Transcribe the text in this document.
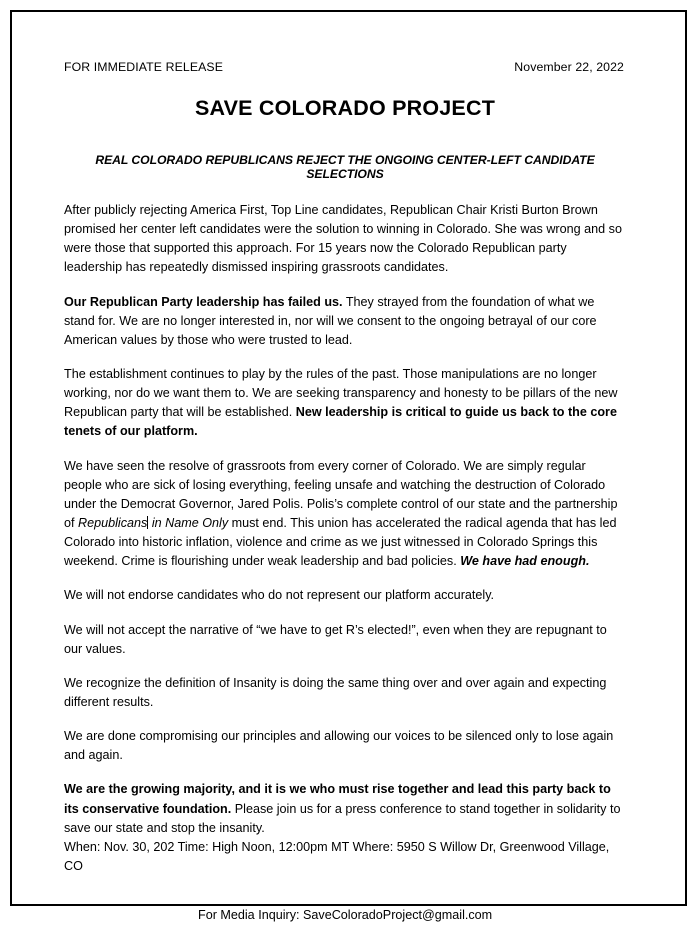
FOR IMMEDIATE RELEASE	November 22, 2022
SAVE COLORADO PROJECT
REAL COLORADO REPUBLICANS REJECT THE ONGOING CENTER-LEFT CANDIDATE SELECTIONS

After publicly rejecting America First, Top Line candidates, Republican Chair Kristi Burton Brown promised her center left candidates were the solution to winning in Colorado. She was wrong and so were those that supported this approach. For 15 years now the Colorado Republican party leadership has repeatedly dismissed inspiring grassroots candidates.

Our Republican Party leadership has failed us. They strayed from the foundation of what we stand for. We are no longer interested in, nor will we consent to the ongoing betrayal of our core American values by those who were trusted to lead.

The establishment continues to play by the rules of the past. Those manipulations are no longer working, nor do we want them to. We are seeking transparency and honesty to be pillars of the new Republican party that will be established. New leadership is critical to guide us back to the core tenets of our platform.

We have seen the resolve of grassroots from every corner of Colorado. We are simply regular people who are sick of losing everything, feeling unsafe and watching the destruction of Colorado under the Democrat Governor, Jared Polis. Polis’s complete control of our state and the partnership of Republicans in Name Only must end. This union has accelerated the radical agenda that has led Colorado into historic inflation, violence and crime as we just witnessed in Colorado Springs this weekend. Crime is flourishing under weak leadership and bad policies. We have had enough.

We will not endorse candidates who do not represent our platform accurately.

We will not accept the narrative of “we have to get R’s elected!”, even when they are repugnant to our values.

We recognize the definition of Insanity is doing the same thing over and over again and expecting different results.

We are done compromising our principles and allowing our voices to be silenced only to lose again and again.

We are the growing majority, and it is we who must rise together and lead this party back to its conservative foundation. Please join us for a press conference to stand together in solidarity to save our state and stop the insanity.

When: Nov. 30, 202 Time: High Noon, 12:00pm MT Where: 5950 S Willow Dr, Greenwood Village, CO

For Media Inquiry: SaveColoradoProject@gmail.com
